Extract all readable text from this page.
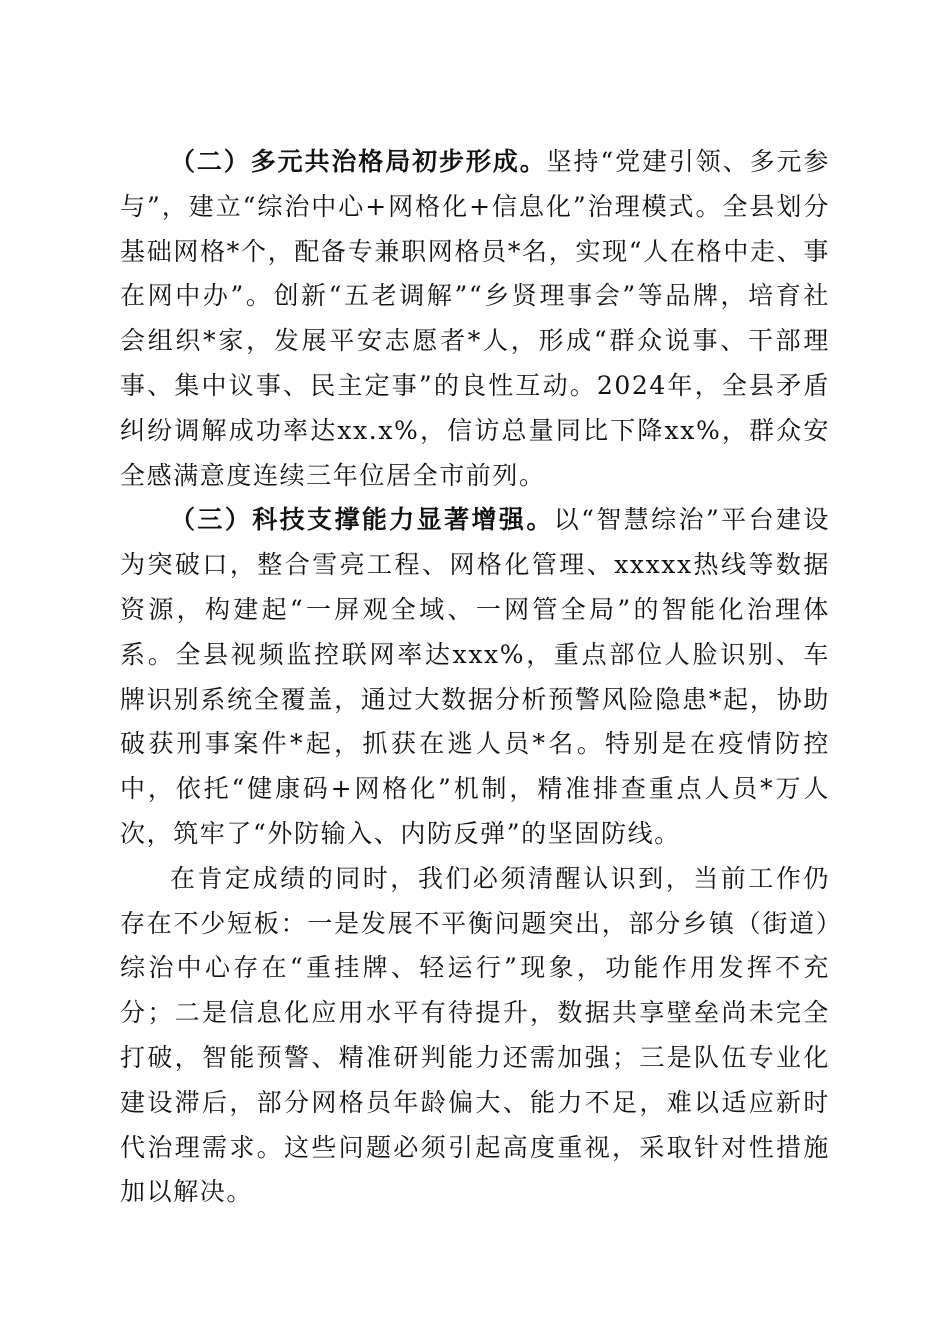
（二）多元共治格局初步形成。坚持“党建引领、多元参与”，建立“综治中心+网格化+信息化”治理模式。全县划分基础网格*个，配备专兼职网格员*名，实现“人在格中走、事在网中办”。创新“五老调解”“乡贤理事会”等品牌，培育社会组织*家，发展平安志愿者*人，形成“群众说事、干部理事、集中议事、民主定事”的良性互动。2024年，全县矛盾纠纷调解成功率达xx.x%，信访总量同比下降xx%，群众安全感满意度连续三年位居全市前列。

（三）科技支撑能力显著增强。以“智慧综治”平台建设为突破口，整合雪亮工程、网格化管理、xxxxx热线等数据资源，构建起“一屏观全域、一网管全局”的智能化治理体系。全县视频监控联网率达xxx%，重点部位人脸识别、车牌识别系统全覆盖，通过大数据分析预警风险隐患*起，协助破获刑事案件*起，抓获在逃人员*名。特别是在疫情防控中，依托“健康码+网格化”机制，精准排查重点人员*万人次，筑牢了“外防输入、内防反弹”的坚固防线。

在肯定成绩的同时，我们必须清醒认识到，当前工作仍存在不少短板：一是发展不平衡问题突出，部分乡镇（街道）综治中心存在“重挂牌、轻运行”现象，功能作用发挥不充分；二是信息化应用水平有待提升，数据共享壁垒尚未完全打破，智能预警、精准研判能力还需加强；三是队伍专业化建设滞后，部分网格员年龄偏大、能力不足，难以适应新时代治理需求。这些问题必须引起高度重视，采取针对性措施加以解决。
